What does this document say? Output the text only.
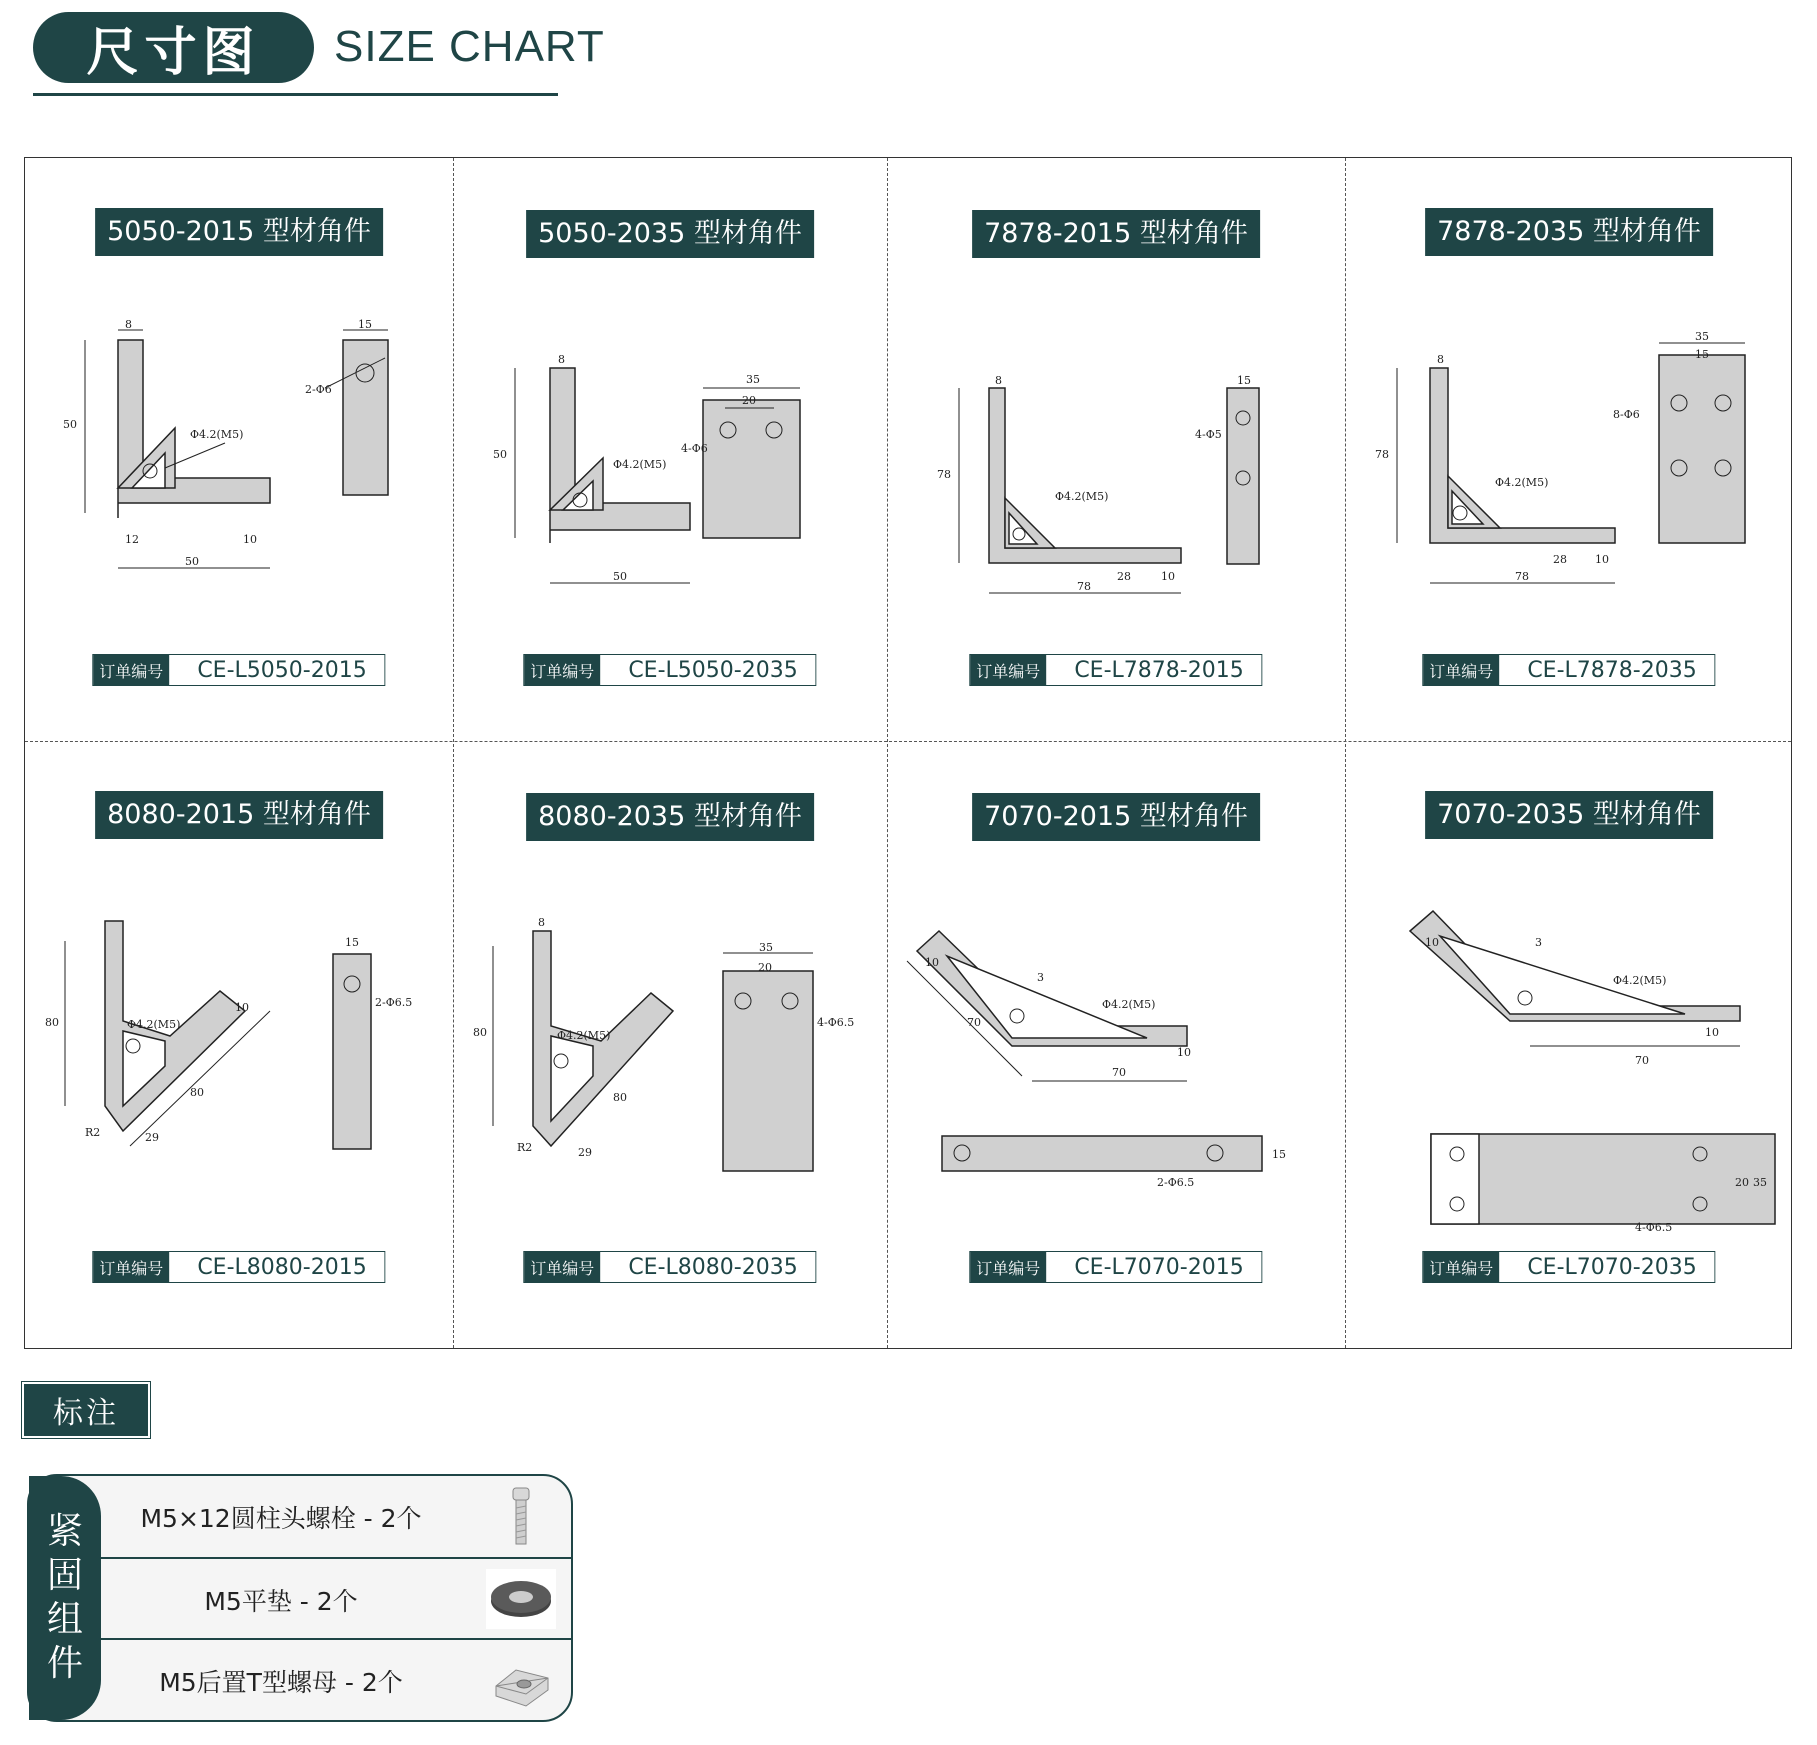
尺寸图	SIZE CHART
5050-2015 型材角件
8	15
50
50
2-Φ6
Φ4.2(M5)
12	10
订单编号	CE-L5050-2015
5050-2035 型材角件
8
35
20
50
50
4-Φ6
Φ4.2(M5)
订单编号	CE-L5050-2035
7878-2015 型材角件
8	15
78
78
4-Φ5
Φ4.2(M5)
28	10
订单编号	CE-L7878-2015
7878-2035 型材角件
8
35
15
78
78
8-Φ6
Φ4.2(M5)
28	10
订单编号	CE-L7878-2035
8080-2015 型材角件
15
80
2-Φ6.5
Φ4.2(M5)
80
10
29
R2
订单编号	CE-L8080-2015
8080-2035 型材角件
8
35
20
80
4-Φ6.5
Φ4.2(M5)
80
29
R2
订单编号	CE-L8080-2035
7070-2015 型材角件
10
3
Φ4.2(M5)
70
70
10
2-Φ6.5
15
订单编号	CE-L7070-2015
7070-2035 型材角件
10	3
Φ4.2(M5)
70
10
4-Φ6.5
35
20
订单编号	CE-L7070-2035
标注
紧
固
组
件
M5×12圆柱头螺栓 - 2个
M5平垫 - 2个
M5后置T型螺母 - 2个
